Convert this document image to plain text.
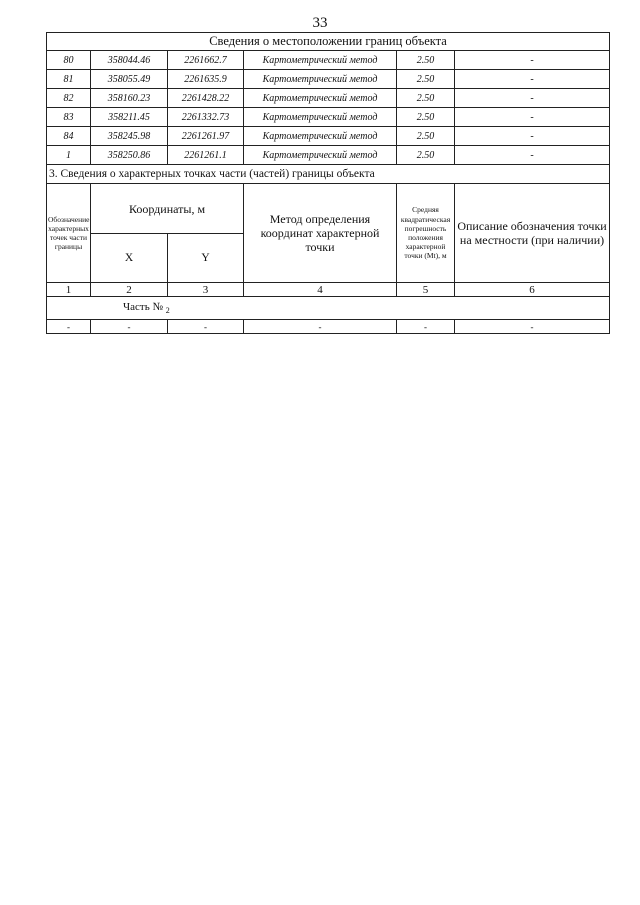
33
Сведения о местоположении границ объекта					
80	358044.46	2261662.7	Картометрический метод	2.50	-
81	358055.49	2261635.9	Картометрический метод	2.50	-
82	358160.23	2261428.22	Картометрический метод	2.50	-
83	358211.45	2261332.73	Картометрический метод	2.50	-
84	358245.98	2261261.97	Картометрический метод	2.50	-
1	358250.86	2261261.1	Картометрический метод	2.50	-
3. Сведения о характерных точках части (частей) границы объекта					

Обозначение характерных точек части границы	Координаты, м		Метод определения координат характерной точки	Средняя квадратическая погрешность положения характерной точки (Mt), м	Описание обозначения точки на местности (при наличии)

	X	Y			
1	2	3	4	5	6
Часть № $_2$
-	-	-	-	-	-
